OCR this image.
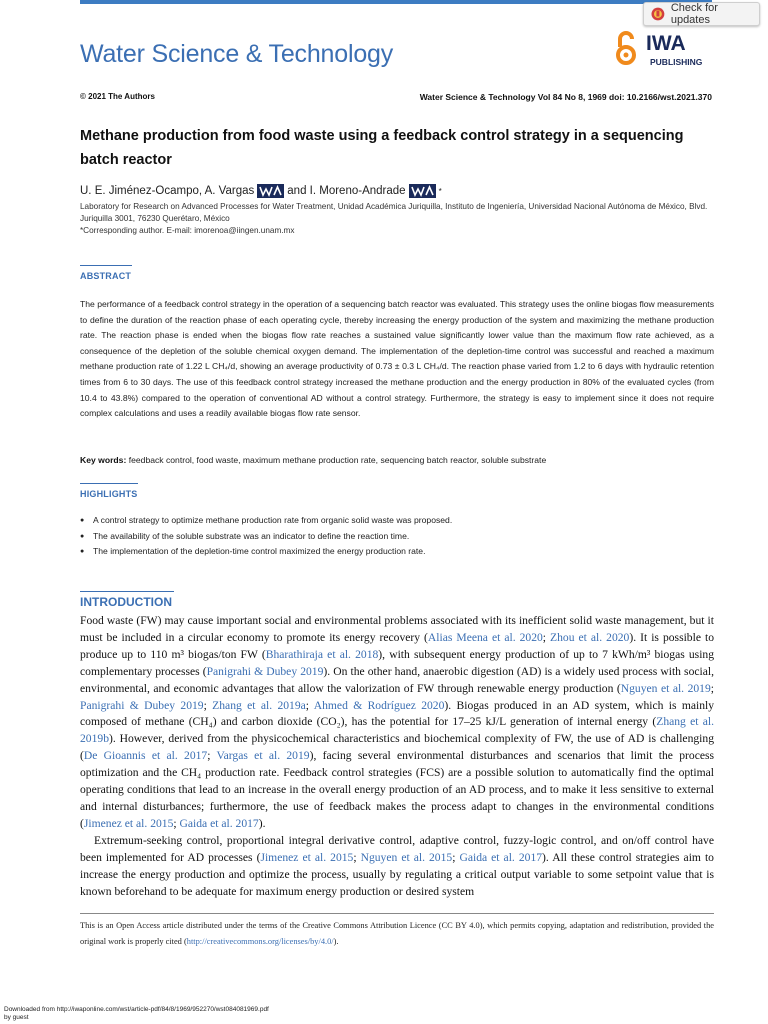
Check for updates
Water Science & Technology	IWA
PUBLISHING
© 2021 The Authors	Water Science & Technology Vol 84 No 8, 1969 doi: 10.2166/wst.2021.370
Methane production from food waste using a feedback control strategy in a sequencing batch reactor
U. E. Jiménez-Ocampo, A. Vargas	and I. Moreno-Andrade	*
Laboratory for Research on Advanced Processes for Water Treatment, Unidad Académica Juriquilla, Instituto de Ingeniería, Universidad Nacional Autónoma de México, Blvd. Juriquilla 3001, 76230 Querétaro, México
*Corresponding author. E-mail: imorenoa@iingen.unam.mx
ABSTRACT

The performance of a feedback control strategy in the operation of a sequencing batch reactor was evaluated. This strategy uses the online biogas flow measurements to define the duration of the reaction phase of each operating cycle, thereby increasing the energy production of the system and maximizing the methane production rate. The reaction phase is ended when the biogas flow rate reaches a sustained value significantly lower value than the maximum flow rate achieved, as a consequence of the depletion of the soluble chemical oxygen demand. The implementation of the depletion-time control was successful and reached a maximum methane production rate of 1.22 L CH₄/d, showing an average productivity of 0.73 ± 0.3 L CH₄/d. The reaction phase varied from 1.2 to 6 days with hydraulic retention times from 6 to 30 days. The use of this feedback control strategy increased the methane production and the energy production in 80% of the evaluated cycles (from 10.4 to 43.8%) compared to the operation of conventional AD without a control strategy. Furthermore, the strategy is easy to implement since it does not require complex calculations and uses a readily available biogas flow rate sensor.

Key words: feedback control, food waste, maximum methane production rate, sequencing batch reactor, soluble substrate
HIGHLIGHTS
● A control strategy to optimize methane production rate from organic solid waste was proposed.
● The availability of the soluble substrate was an indicator to define the reaction time.
● The implementation of the depletion-time control maximized the energy production rate.
INTRODUCTION

Food waste (FW) may cause important social and environmental problems associated with its inefficient solid waste management, but it must be included in a circular economy to promote its energy recovery (Alias Meena et al. 2020; Zhou et al. 2020). It is possible to produce up to 110 m³ biogas/ton FW (Bharathiraja et al. 2018), with subsequent energy production of up to 7 kWh/m³ biogas using complementary processes (Panigrahi & Dubey 2019). On the other hand, anaerobic digestion (AD) is a widely used process with social, environmental, and economic advantages that allow the valorization of FW through renewable energy production (Nguyen et al. 2019; Panigrahi & Dubey 2019; Zhang et al. 2019a; Ahmed & Rodríguez 2020). Biogas produced in an AD system, which is mainly composed of methane (CH₄) and carbon dioxide (CO₂), has the potential for 17–25 kJ/L generation of internal energy (Zhang et al. 2019b). However, derived from the physicochemical characteristics and biochemical complexity of FW, the use of AD is challenging (De Gioannis et al. 2017; Vargas et al. 2019), facing several environmental disturbances and scenarios that limit the process optimization and the CH₄ production rate. Feedback control strategies (FCS) are a possible solution to automatically find the optimal operating conditions that lead to an increase in the overall energy production of an AD process, and to make it less sensitive to external and internal disturbances; furthermore, the use of feedback makes the process adapt to changes in the environmental conditions (Jimenez et al. 2015; Gaida et al. 2017).

Extremum-seeking control, proportional integral derivative control, adaptive control, fuzzy-logic control, and on/off control have been implemented for AD processes (Jimenez et al. 2015; Nguyen et al. 2015; Gaida et al. 2017). All these control strategies aim to increase the energy production and optimize the process, usually by regulating a critical output variable to some setpoint value that is known beforehand to be adequate for maximum energy production or desired system

This is an Open Access article distributed under the terms of the Creative Commons Attribution Licence (CC BY 4.0), which permits copying, adaptation and redistribution, provided the original work is properly cited (http://creativecommons.org/licenses/by/4.0/).

Downloaded from http://iwaponline.com/wst/article-pdf/84/8/1969/952270/wst084081969.pdf
by guest
